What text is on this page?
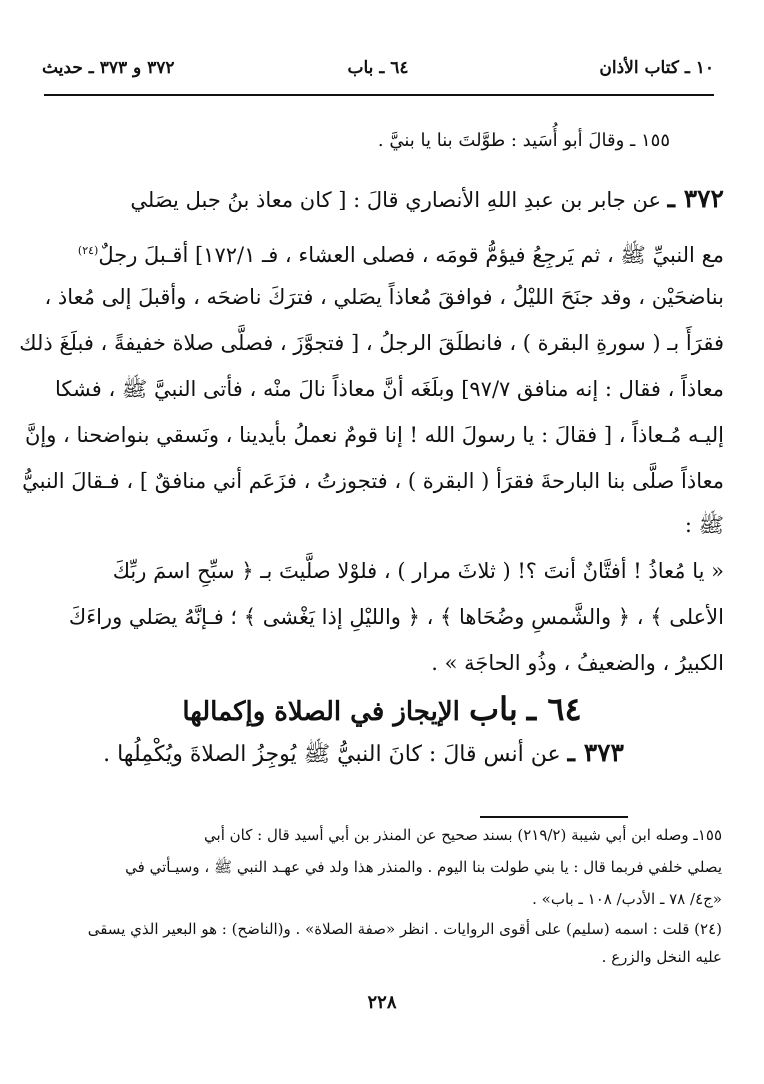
١٠ ـ كتاب الأذان
٦٤ ـ باب
٣٧٢ و ٣٧٣ ـ حديث
١٥٥ ـ وقالَ أبو أُسَيد : طوَّلتَ بنا يا بنيَّ .
٣٧٢ ـ عن جابر بن عبدِ اللهِ الأنصاري قالَ : [ كان معاذ بنُ جبل يصَلي
مع النبيِّ ﷺ ، ثم يَرجِعُ فيؤمُّ قومَه ، فصلى العشاء ، فـ ١٧٢/١] أقـبلَ رجلٌ$^{(٢٤)}$
بناضحَيْن ، وقد جنَحَ الليْلُ ، فوافقَ مُعاذاً يصَلي ، فترَكَ ناضحَه ، وأقبلَ إلى مُعاذ ،
فقرَأَ بـ ( سورةِ البقرة ) ، فانطلَقَ الرجلُ ، [ فتجوَّزَ ، فصلَّى صلاة خفيفةً ، فبلَغَ ذلك
معاذاً ، فقال : إنه منافق ٩٧/٧] وبلَغَه أنَّ معاذاً نالَ منْه ، فأتى النبيَّ ﷺ ، فشكا
إليـه مُـعاذاً ، [ فقالَ : يا رسولَ الله ! إنا قومٌ نعملُ بأيدينا ، ونَسقي بنواضحنا ، وإنَّ
معاذاً صلَّى بنا البارحةَ فقرَأ ( البقرة ) ، فتجوزتُ ، فزَعَم أني منافقٌ ] ، فـقالَ النبيُّ
ﷺ :
« يا مُعاذُ ! أفتَّانٌ أنتَ ؟! ( ثلاثَ مرار ) ، فلوْلا صلَّيتَ بـ ﴿ سبِّحِ اسمَ ربِّكَ
الأعلى ﴾ ، ﴿ والشَّمسِ وضُحَاها ﴾ ، ﴿ والليْلِ إذا يَغْشى ﴾ ؛ فـإنَّهُ يصَلي وراءَكَ
الكبيرُ ، والضعيفُ ، وذُو الحاجَة » .
٦٤ ـ باب الإيجاز في الصلاة وإكمالها
٣٧٣ ـ عن أنس قالَ : كانَ النبيُّ ﷺ يُوجِزُ الصلاةَ ويُكْمِلُها .
١٥٥ـ وصله ابن أبي شيبة (٢١٩/٢) بسند صحيح عن المنذر بن أبي أسيد قال : كان أبي
يصلي خلفي فربما قال : يا بني طولت بنا اليوم . والمنذر هذا ولد في عهـد النبي ﷺ ، وسيـأتي في
«ج٤/ ٧٨ ـ الأدب/ ١٠٨ ـ باب» .
(٢٤) قلت : اسمه (سليم) على أقوى الروايات . انظر «صفة الصلاة» . و(الناضح) : هو البعير الذي يسقى
عليه النخل والزرع .
٢٢٨
